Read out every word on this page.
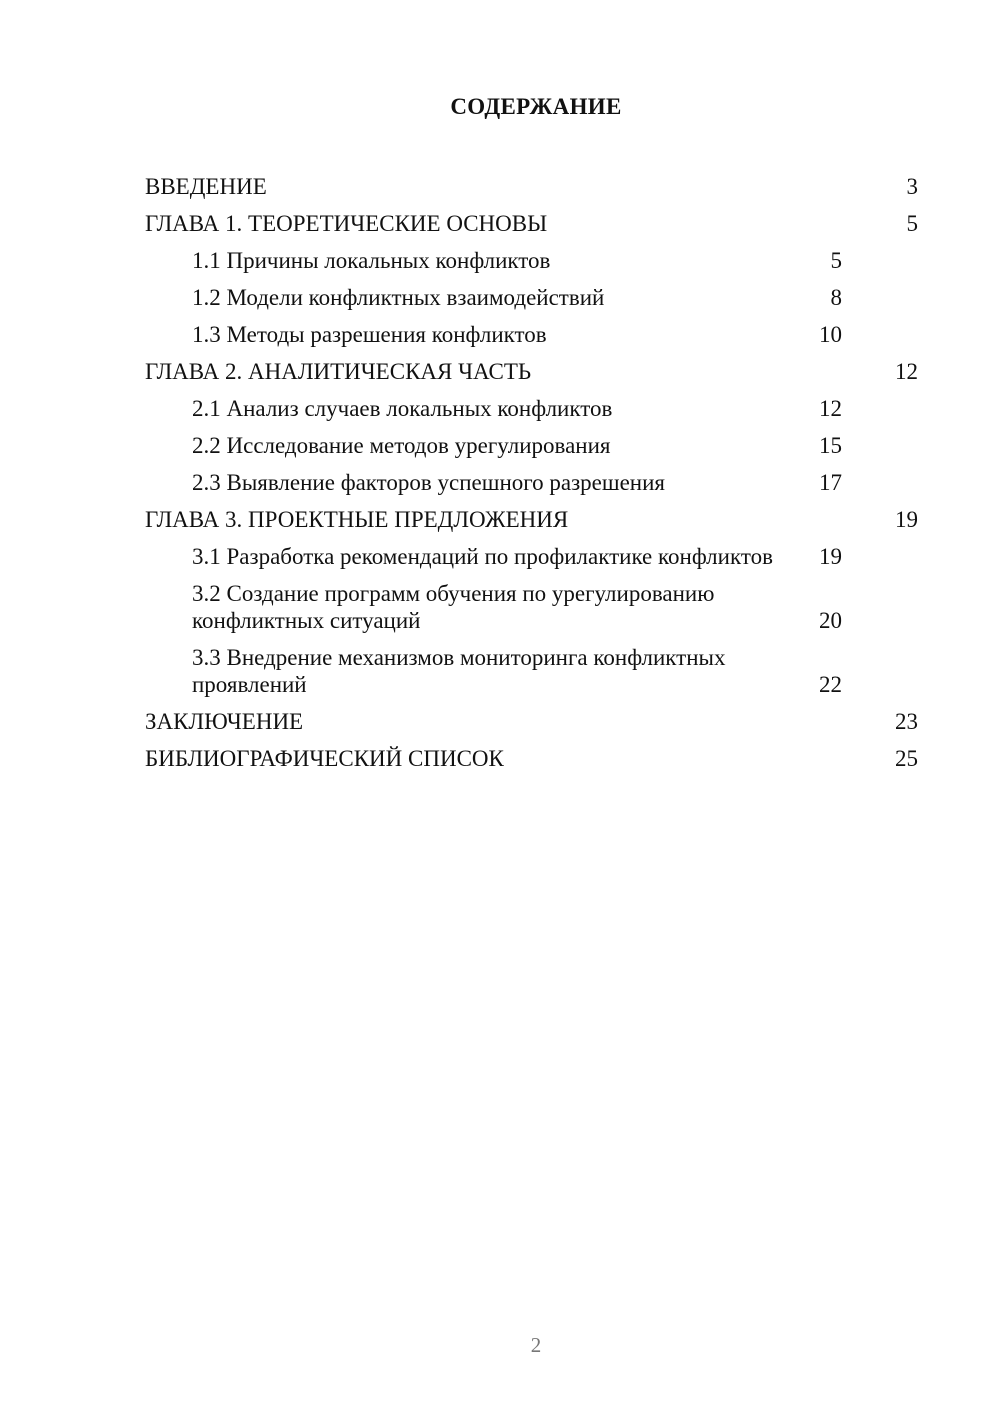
СОДЕРЖАНИЕ
ВВЕДЕНИЕ	3
ГЛАВА 1. ТЕОРЕТИЧЕСКИЕ ОСНОВЫ	5
1.1 Причины локальных конфликтов	5
1.2 Модели конфликтных взаимодействий	8
1.3 Методы разрешения конфликтов	10
ГЛАВА 2. АНАЛИТИЧЕСКАЯ ЧАСТЬ	12
2.1 Анализ случаев локальных конфликтов	12
2.2 Исследование методов урегулирования	15
2.3 Выявление факторов успешного разрешения	17
ГЛАВА 3. ПРОЕКТНЫЕ ПРЕДЛОЖЕНИЯ	19
3.1 Разработка рекомендаций по профилактике конфликтов	19
3.2 Создание программ обучения по урегулированию конфликтных ситуаций	20
3.3 Внедрение механизмов мониторинга конфликтных проявлений	22
ЗАКЛЮЧЕНИЕ	23
БИБЛИОГРАФИЧЕСКИЙ СПИСОК	25
2
